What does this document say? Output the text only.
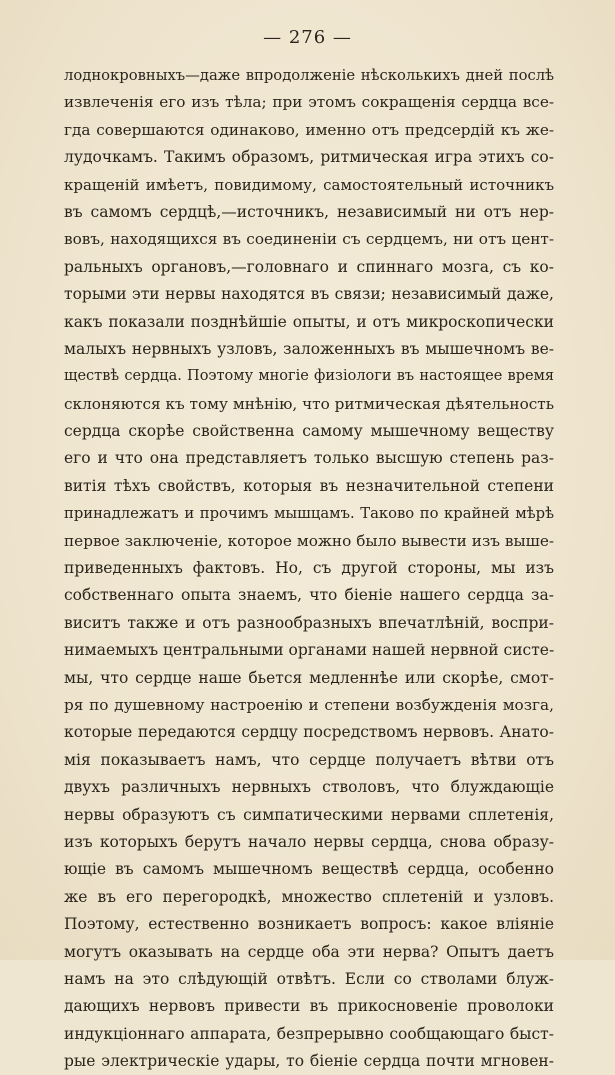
— 276 —
лоднокровныхъ—даже впродолженіе нѣсколькихъ дней послѣ
извлеченія его изъ тѣла; при этомъ сокращенія сердца все-
гда совершаются одинаково, именно отъ предсердій къ же-
лудочкамъ. Такимъ образомъ, ритмическая игра этихъ со-
кращеній имѣетъ, повидимому, самостоятельный источникъ
въ самомъ сердцѣ,—источникъ, независимый ни отъ нер-
вовъ, находящихся въ соединеніи съ сердцемъ, ни отъ цент-
ральныхъ органовъ,—головнаго и спиннаго мозга, съ ко-
торыми эти нервы находятся въ связи; независимый даже,
какъ показали позднѣйшіе опыты, и отъ микроскопически
малыхъ нервныхъ узловъ, заложенныхъ въ мышечномъ ве-
ществѣ сердца. Поэтому многіе физіологи въ настоящее время
склоняются къ тому мнѣнію, что ритмическая дѣятельность
сердца скорѣе свойственна самому мышечному веществу
его и что она представляетъ только высшую степень раз-
витія тѣхъ свойствъ, которыя въ незначительной степени
принадлежатъ и прочимъ мышцамъ. Таково по крайней мѣрѣ
первое заключеніе, которое можно было вывести изъ выше-
приведенныхъ фактовъ. Но, съ другой стороны, мы изъ
собственнаго опыта знаемъ, что біеніе нашего сердца за-
виситъ также и отъ разнообразныхъ впечатлѣній, воспри-
нимаемыхъ центральными органами нашей нервной систе-
мы, что сердце наше бьется медленнѣе или скорѣе, смот-
ря по душевному настроенію и степени возбужденія мозга,
которые передаются сердцу посредствомъ нервовъ. Анато-
мія показываетъ намъ, что сердце получаетъ вѣтви отъ
двухъ различныхъ нервныхъ стволовъ, что блуждающіе
нервы образуютъ съ симпатическими нервами сплетенія,
изъ которыхъ берутъ начало нервы сердца, снова образу-
ющіе въ самомъ мышечномъ веществѣ сердца, особенно
же въ его перегородкѣ, множество сплетеній и узловъ.
Поэтому, естественно возникаетъ вопросъ: какое вліяніе
могутъ оказывать на сердце оба эти нерва? Опытъ даетъ
намъ на это слѣдующій отвѣтъ. Если со стволами блуж-
дающихъ нервовъ привести въ прикосновеніе проволоки
индукціоннаго аппарата, безпрерывно сообщающаго быст-
рые электрическіе удары, то біеніе сердца почти мгновен-
